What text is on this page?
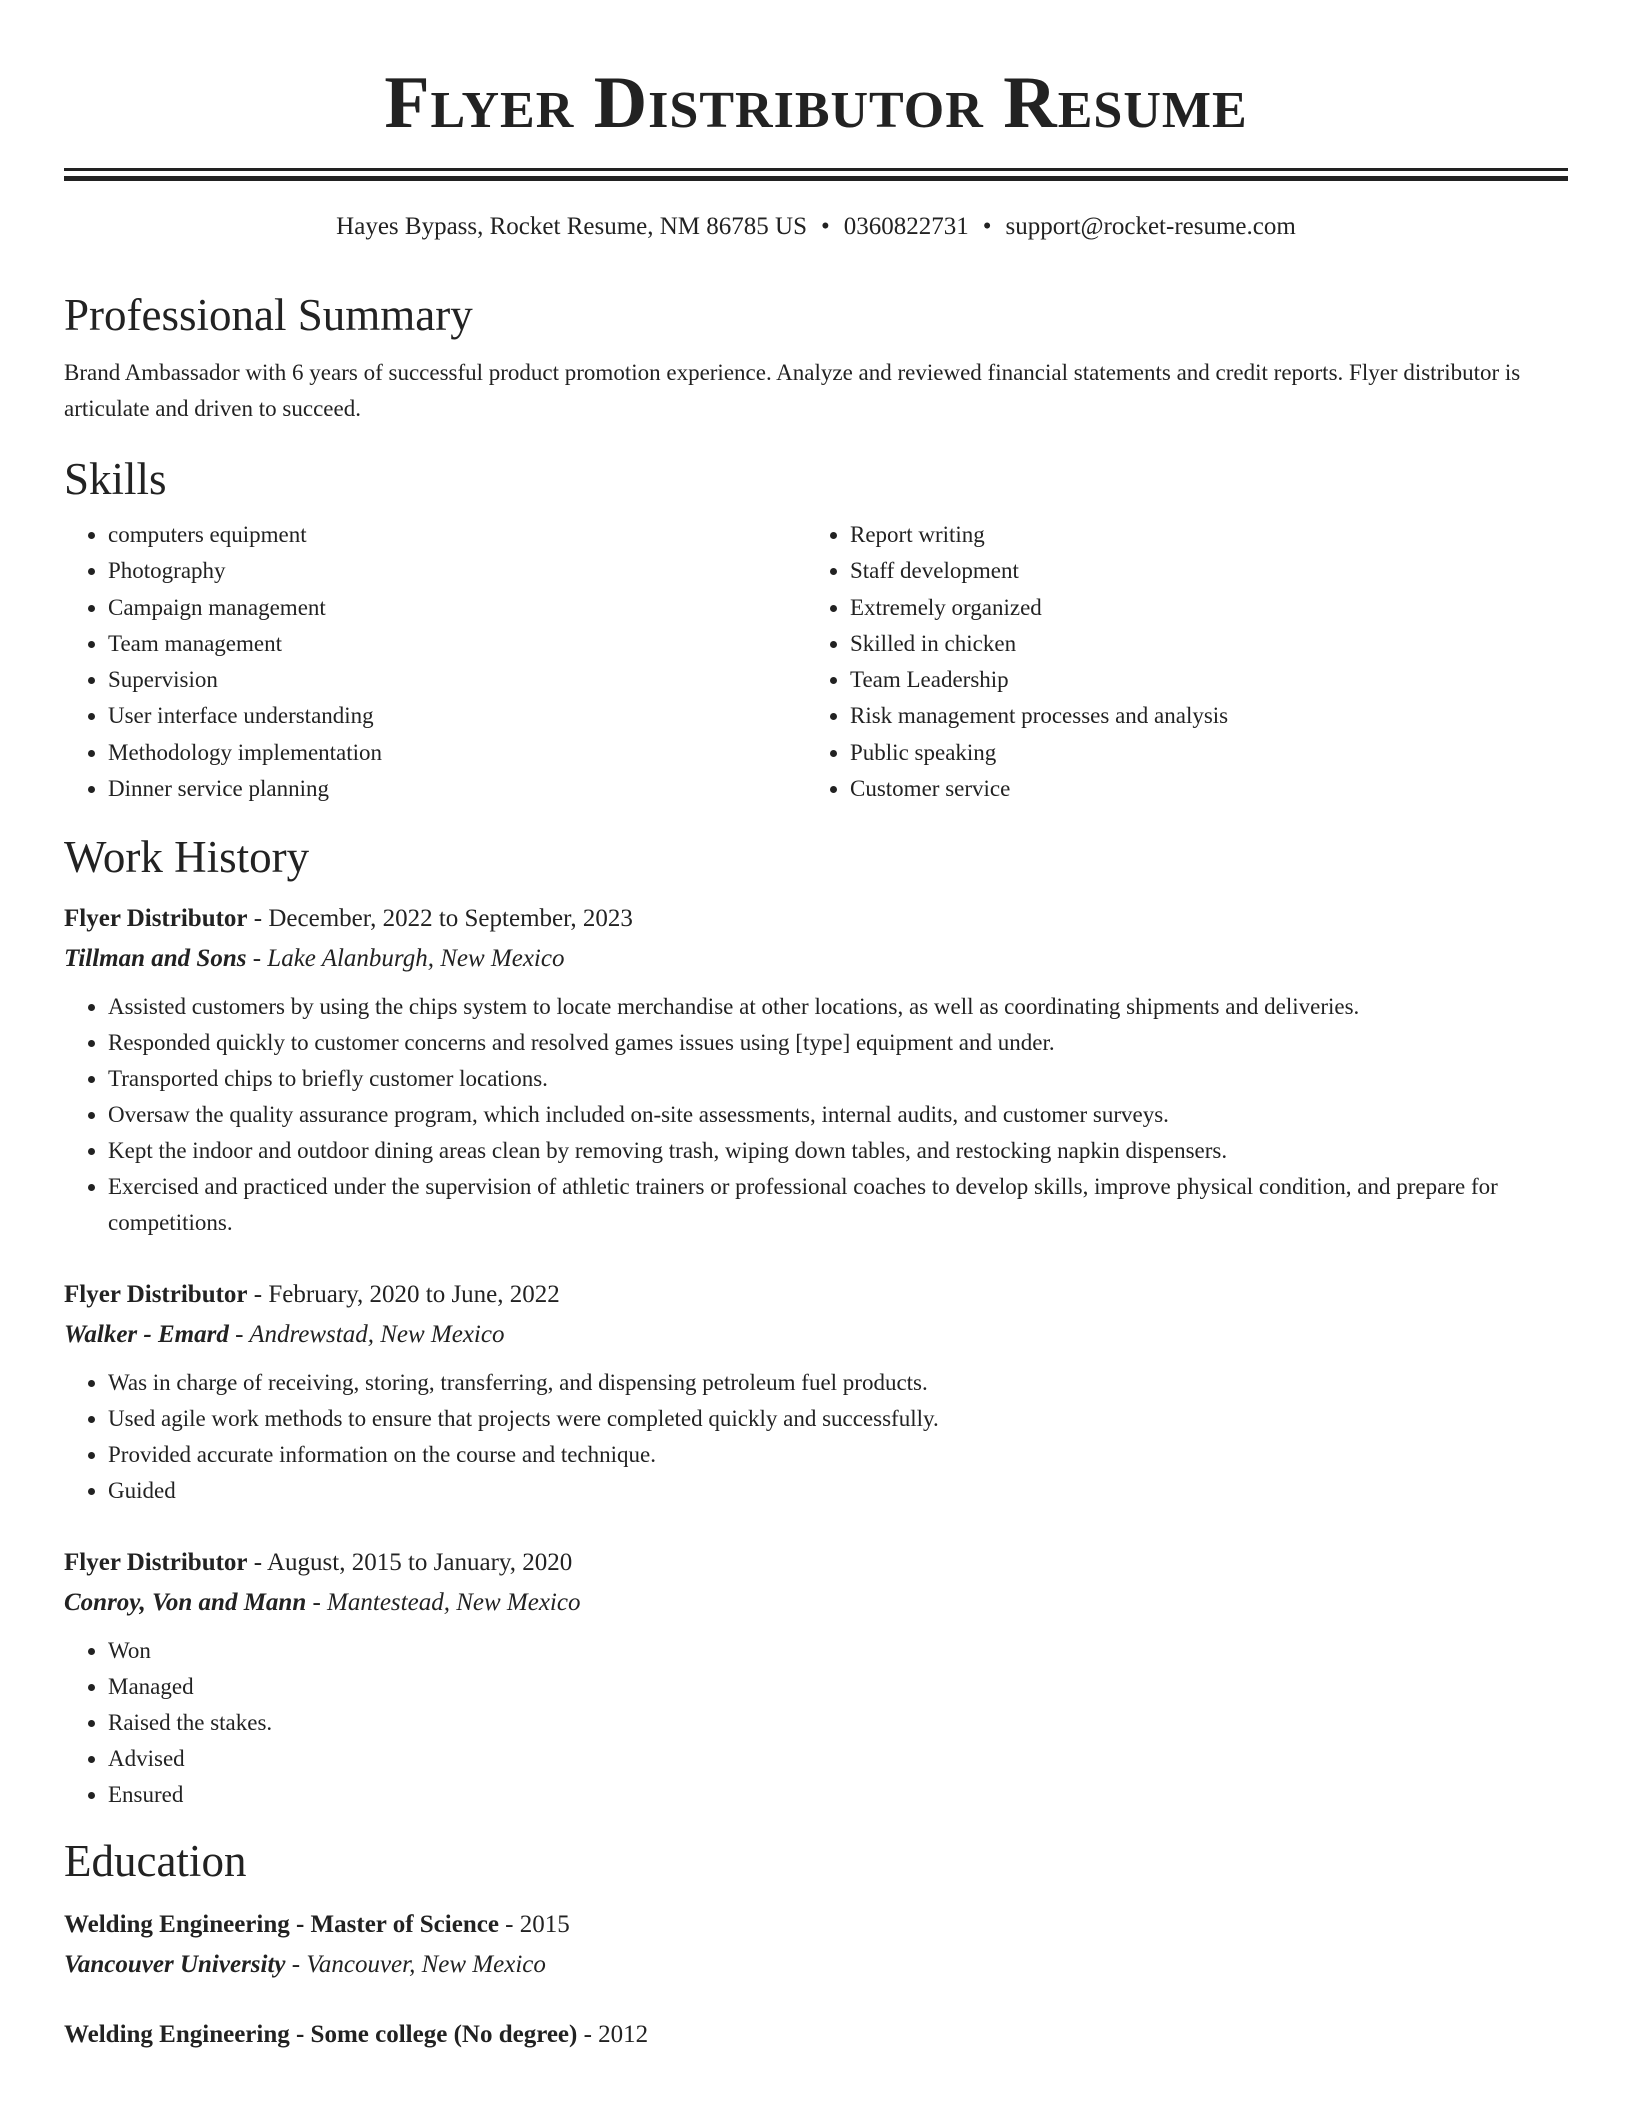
Flyer Distributor Resume
Hayes Bypass, Rocket Resume, NM 86785 US • 0360822731 • support@rocket-resume.com
Professional Summary
Brand Ambassador with 6 years of successful product promotion experience. Analyze and reviewed financial statements and credit reports. Flyer distributor is articulate and driven to succeed.
Skills
• computers equipment
• Photography
• Campaign management
• Team management
• Supervision
• User interface understanding
• Methodology implementation
• Dinner service planning
• Report writing
• Staff development
• Extremely organized
• Skilled in chicken
• Team Leadership
• Risk management processes and analysis
• Public speaking
• Customer service
Work History
Flyer Distributor - December, 2022 to September, 2023
Tillman and Sons - Lake Alanburgh, New Mexico
• Assisted customers by using the chips system to locate merchandise at other locations, as well as coordinating shipments and deliveries.
• Responded quickly to customer concerns and resolved games issues using [type] equipment and under.
• Transported chips to briefly customer locations.
• Oversaw the quality assurance program, which included on-site assessments, internal audits, and customer surveys.
• Kept the indoor and outdoor dining areas clean by removing trash, wiping down tables, and restocking napkin dispensers.
• Exercised and practiced under the supervision of athletic trainers or professional coaches to develop skills, improve physical condition, and prepare for competitions.
Flyer Distributor - February, 2020 to June, 2022
Walker - Emard - Andrewstad, New Mexico
• Was in charge of receiving, storing, transferring, and dispensing petroleum fuel products.
• Used agile work methods to ensure that projects were completed quickly and successfully.
• Provided accurate information on the course and technique.
• Guided
Flyer Distributor - August, 2015 to January, 2020
Conroy, Von and Mann - Mantestead, New Mexico
• Won
• Managed
• Raised the stakes.
• Advised
• Ensured
Education
Welding Engineering - Master of Science - 2015
Vancouver University - Vancouver, New Mexico
Welding Engineering - Some college (No degree) - 2012
